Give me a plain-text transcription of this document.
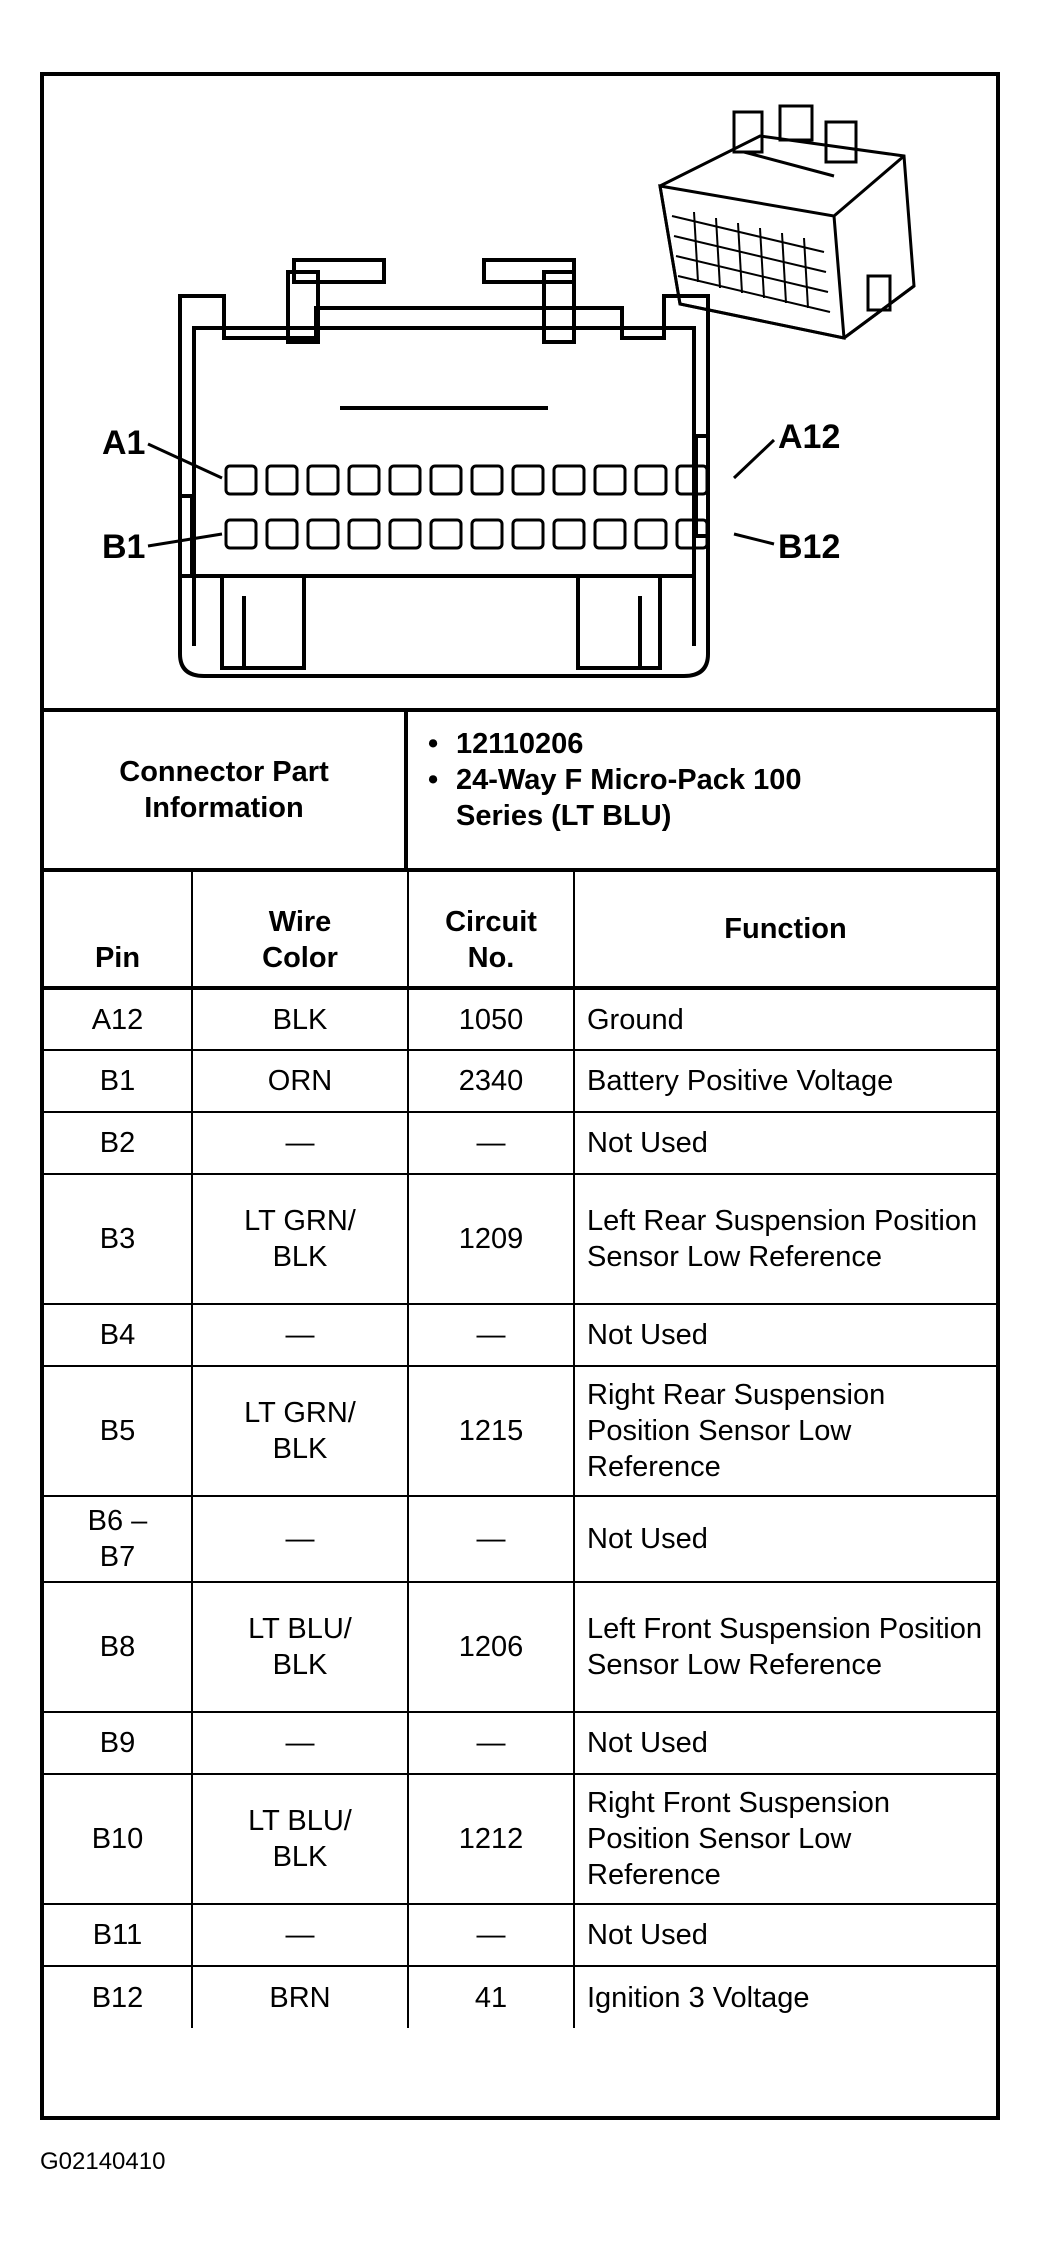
A1	A12
B1	B12
Connector Part Information
• 12110206
• 24-Way F Micro-Pack 100 Series (LT BLU)
Pin	Wire Color	Circuit No.	Function
A12	BLK	1050	Ground
B1	ORN	2340	Battery Positive Voltage
B2	—	—	Not Used
B3	LT GRN/ BLK	1209	Left Rear Suspension Position Sensor Low Reference
B4	—	—	Not Used
B5	LT GRN/ BLK	1215	Right Rear Suspension Position Sensor Low Reference
B6 – B7	—	—	Not Used
B8	LT BLU/ BLK	1206	Left Front Suspension Position Sensor Low Reference
B9	—	—	Not Used
B10	LT BLU/ BLK	1212	Right Front Suspension Position Sensor Low Reference
B11	—	—	Not Used
B12	BRN	41	Ignition 3 Voltage
G02140410
